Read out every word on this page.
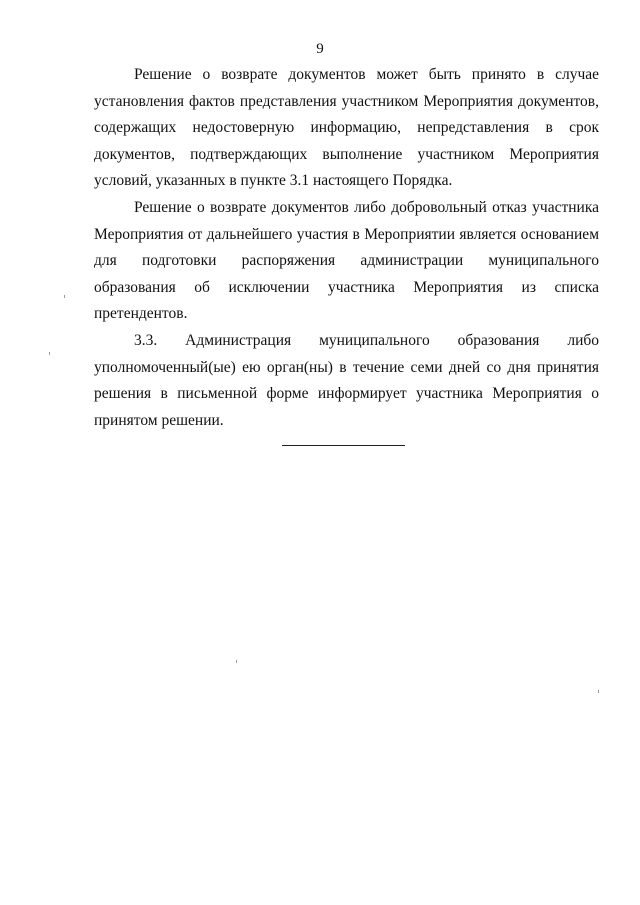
9

Решение о возврате документов может быть принято в случае установления фактов представления участником Мероприятия документов, содержащих недостоверную информацию, непредставления в срок документов, подтверждающих выполнение участником Мероприятия условий, указанных в пункте 3.1 настоящего Порядка.

Решение о возврате документов либо добровольный отказ участника Мероприятия от дальнейшего участия в Мероприятии является основанием для подготовки распоряжения администрации муниципального образования об исключении участника Мероприятия из списка претендентов.

3.3. Администрация муниципального образования либо уполномоченный(ые) ею орган(ны) в течение семи дней со дня принятия решения в письменной форме информирует участника Мероприятия о принятом решении.
